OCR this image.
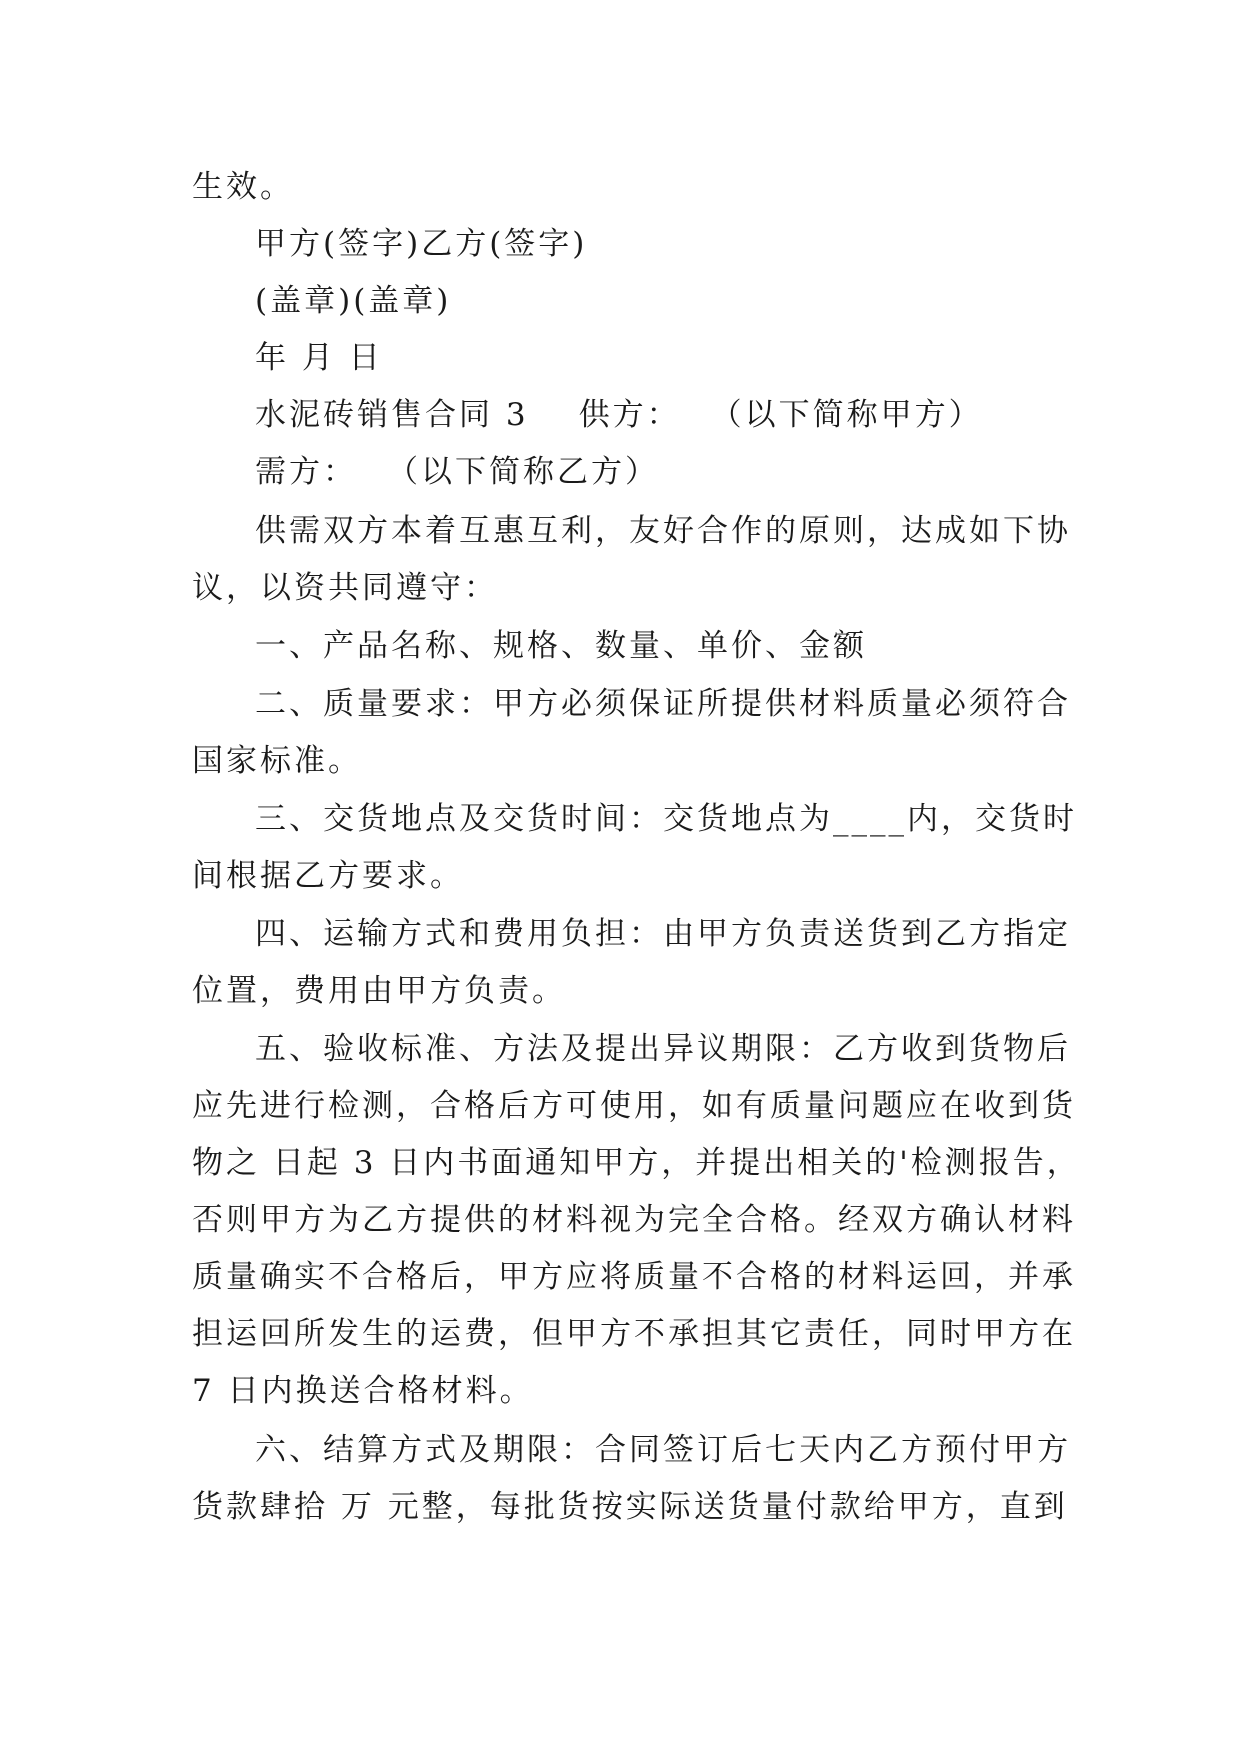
生效。
甲方(签字)乙方(签字)
(盖章)(盖章)
年 月 日
水泥砖销售合同 3 供方： （以下简称甲方）
需方： （以下简称乙方）
供需双方本着互惠互利，友好合作的原则，达成如下协
议，以资共同遵守：
一、产品名称、规格、数量、单价、金额
二、质量要求：甲方必须保证所提供材料质量必须符合
国家标准。
三、交货地点及交货时间：交货地点为____内，交货时
间根据乙方要求。
四、运输方式和费用负担：由甲方负责送货到乙方指定
位置，费用由甲方负责。
五、验收标准、方法及提出异议期限：乙方收到货物后
应先进行检测，合格后方可使用，如有质量问题应在收到货
物之 日起 3 日内书面通知甲方，并提出相关的'检测报告，
否则甲方为乙方提供的材料视为完全合格。经双方确认材料
质量确实不合格后，甲方应将质量不合格的材料运回，并承
担运回所发生的运费，但甲方不承担其它责任，同时甲方在
7 日内换送合格材料。
六、结算方式及期限：合同签订后七天内乙方预付甲方
货款肆拾 万 元整，每批货按实际送货量付款给甲方，直到
